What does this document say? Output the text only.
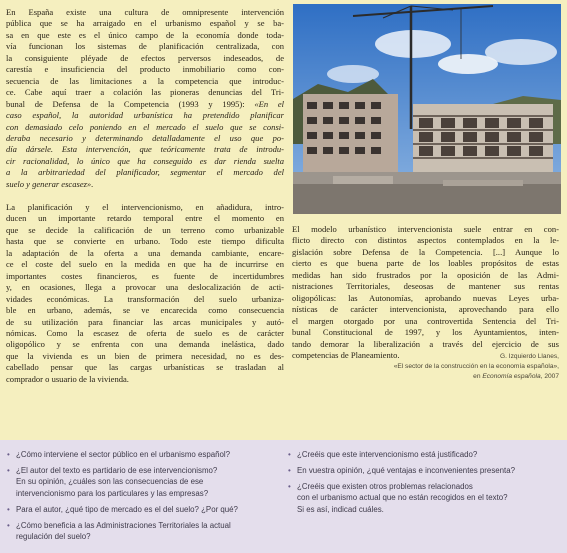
En España existe una cultura de omnipresente intervención
pública que se ha arraigado en el urbanismo español y se ba-
sa en que este es el único campo de la economía donde toda-
vía funcionan los sistemas de planificación centralizada, con
la consiguiente pléyade de efectos perversos indeseados, de
carestía e insuficiencia del producto inmobiliario como con-
secuencia de las limitaciones a la competencia que introduc-
ce. Cabe aquí traer a colación las pioneras denuncias del Tri-
bunal de Defensa de la Competencia (1993 y 1995): «En el
caso español, la autoridad urbanística ha pretendido planificar
con demasiado celo poniendo en el mercado el suelo que se consi-
deraba necesario y determinando detalladamente el uso que po-
día dársele. Esta intervención, que teóricamente trata de introdu-
cir racionalidad, lo único que ha conseguido es dar rienda suelta
a la arbitrariedad del planificador, segmentar el mercado del
suelo y generar escasez».
La planificación y el intervencionismo, en añadidura, intro-
ducen un importante retardo temporal entre el momento en
que se decide la calificación de un terreno como urbanizable
hasta que se convierte en urbano. Todo este tiempo dificulta
la adaptación de la oferta a una demanda cambiante, encare-
ce el coste del suelo en la medida en que ha de incurrirse en
importantes costes financieros, es fuente de incertidumbres
y, en ocasiones, llega a provocar una deslocalización de acti-
vidades económicas. La transformación del suelo urbaniza-
ble en urbano, además, se ve encarecida como consecuencia
de su utilización para financiar las arcas municipales y autó-
nómicas. Como la escasez de oferta de suelo es de carácter
oligopólico y se enfrenta con una demanda inelástica, dado
que la vivienda es un bien de primera necesidad, no es des-
cabellado pensar que las cargas urbanísticas se trasladan al
comprador o usuario de la vivienda.
El modelo urbanístico intervencionista suele entrar en con-
flicto directo con distintos aspectos contemplados en la le-
gislación sobre Defensa de la Competencia. [...] Aunque lo
cierto es que buena parte de los loables propósitos de estas
medidas han sido frustrados por la oposición de las Admi-
nistraciones Territoriales, deseosas de mantener sus rentas
oligopólicas: las Autonomías, aprobando nuevas Leyes urba-
nísticas de carácter intervencionista, aprovechando para ello
el margen otorgado por una controvertida Sentencia del Tri-
bunal Constitucional de 1997, y los Ayuntamientos, inten-
tando demorar la liberalización a través del ejercicio de sus
competencias de Planeamiento.	G. Izquierdo Llanes,
«El sector de la construcción en la economía española»,
en Economía española, 2007
• ¿Cómo interviene el sector público en el urbanismo español?
• ¿El autor del texto es partidario de ese intervencionismo?
En su opinión, ¿cuáles son las consecuencias de ese
intervencionismo para los particulares y las empresas?
• Para el autor, ¿qué tipo de mercado es el del suelo? ¿Por qué?
• ¿Cómo beneficia a las Administraciones Territoriales la actual
regulación del suelo?
• ¿Creéis que este intervencionismo está justificado?
• En vuestra opinión, ¿qué ventajas e inconvenientes presenta?
• ¿Creéis que existen otros problemas relacionados
con el urbanismo actual que no están recogidos en el texto?
Si es así, indicad cuáles.
